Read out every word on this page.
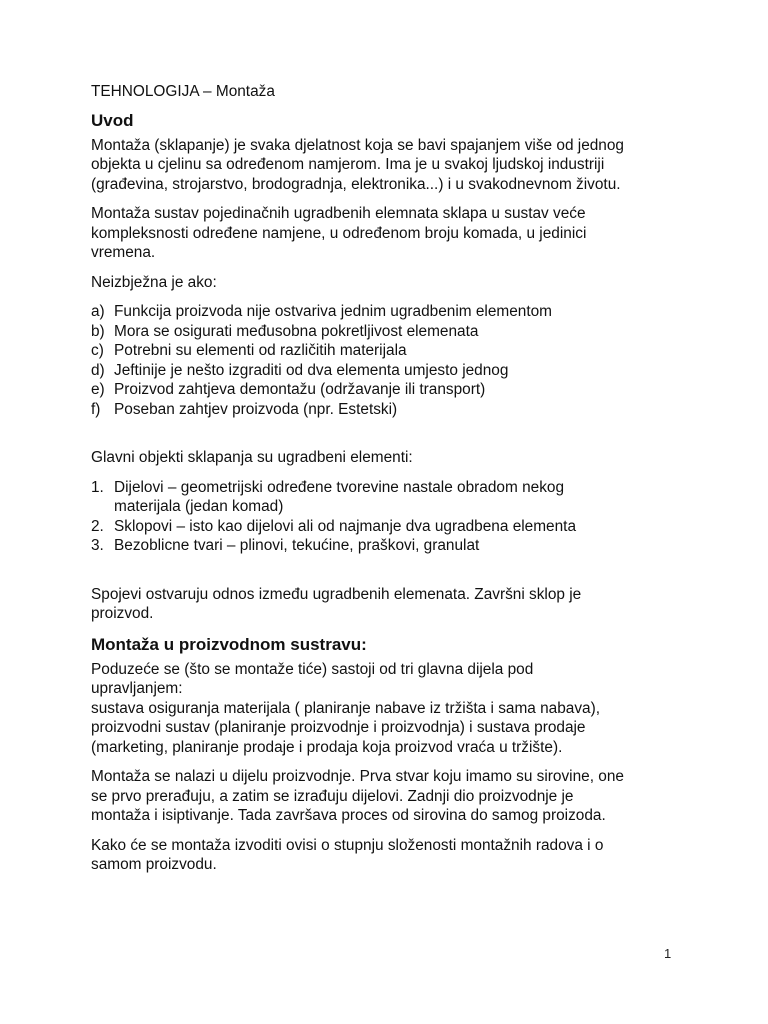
TEHNOLOGIJA – Montaža
Uvod
Montaža (sklapanje) je svaka djelatnost koja se bavi spajanjem više od jednog
objekta u cjelinu sa određenom namjerom. Ima je u svakoj ljudskoj industriji
(građevina, strojarstvo, brodogradnja, elektronika...) i u svakodnevnom životu.
Montaža sustav pojedinačnih ugradbenih elemnata sklapa u sustav veće
kompleksnosti određene namjene, u određenom broju komada, u jedinici
vremena.
Neizbježna je ako:
a) Funkcija proizvoda nije ostvariva jednim ugradbenim elementom
b) Mora se osigurati međusobna pokretljivost elemenata
c) Potrebni su elementi od različitih materijala
d) Jeftinije je nešto izgraditi od dva elementa umjesto jednog
e) Proizvod zahtjeva demontažu (održavanje ili transport)
f) Poseban zahtjev proizvoda (npr. Estetski)
Glavni objekti sklapanja su ugradbeni elementi:
1. Dijelovi – geometrijski određene tvorevine nastale obradom nekog
materijala (jedan komad)
2. Sklopovi – isto kao dijelovi ali od najmanje dva ugradbena elementa
3. Bezoblicne tvari – plinovi, tekućine, praškovi, granulat
Spojevi ostvaruju odnos između ugradbenih elemenata. Završni sklop je
proizvod.
Montaža u proizvodnom sustravu:
Poduzeće se (što se montaže tiće) sastoji od tri glavna dijela pod
upravljanjem:
sustava osiguranja materijala ( planiranje nabave iz tržišta i sama nabava),
proizvodni sustav (planiranje proizvodnje i proizvodnja) i sustava prodaje
(marketing, planiranje prodaje i prodaja koja proizvod vraća u tržište).
Montaža se nalazi u dijelu proizvodnje. Prva stvar koju imamo su sirovine, one
se prvo prerađuju, a zatim se izrađuju dijelovi. Zadnji dio proizvodnje je
montaža i isiptivanje. Tada završava proces od sirovina do samog proizoda.
Kako će se montaža izvoditi ovisi o stupnju složenosti montažnih radova i o
samom proizvodu.
1
